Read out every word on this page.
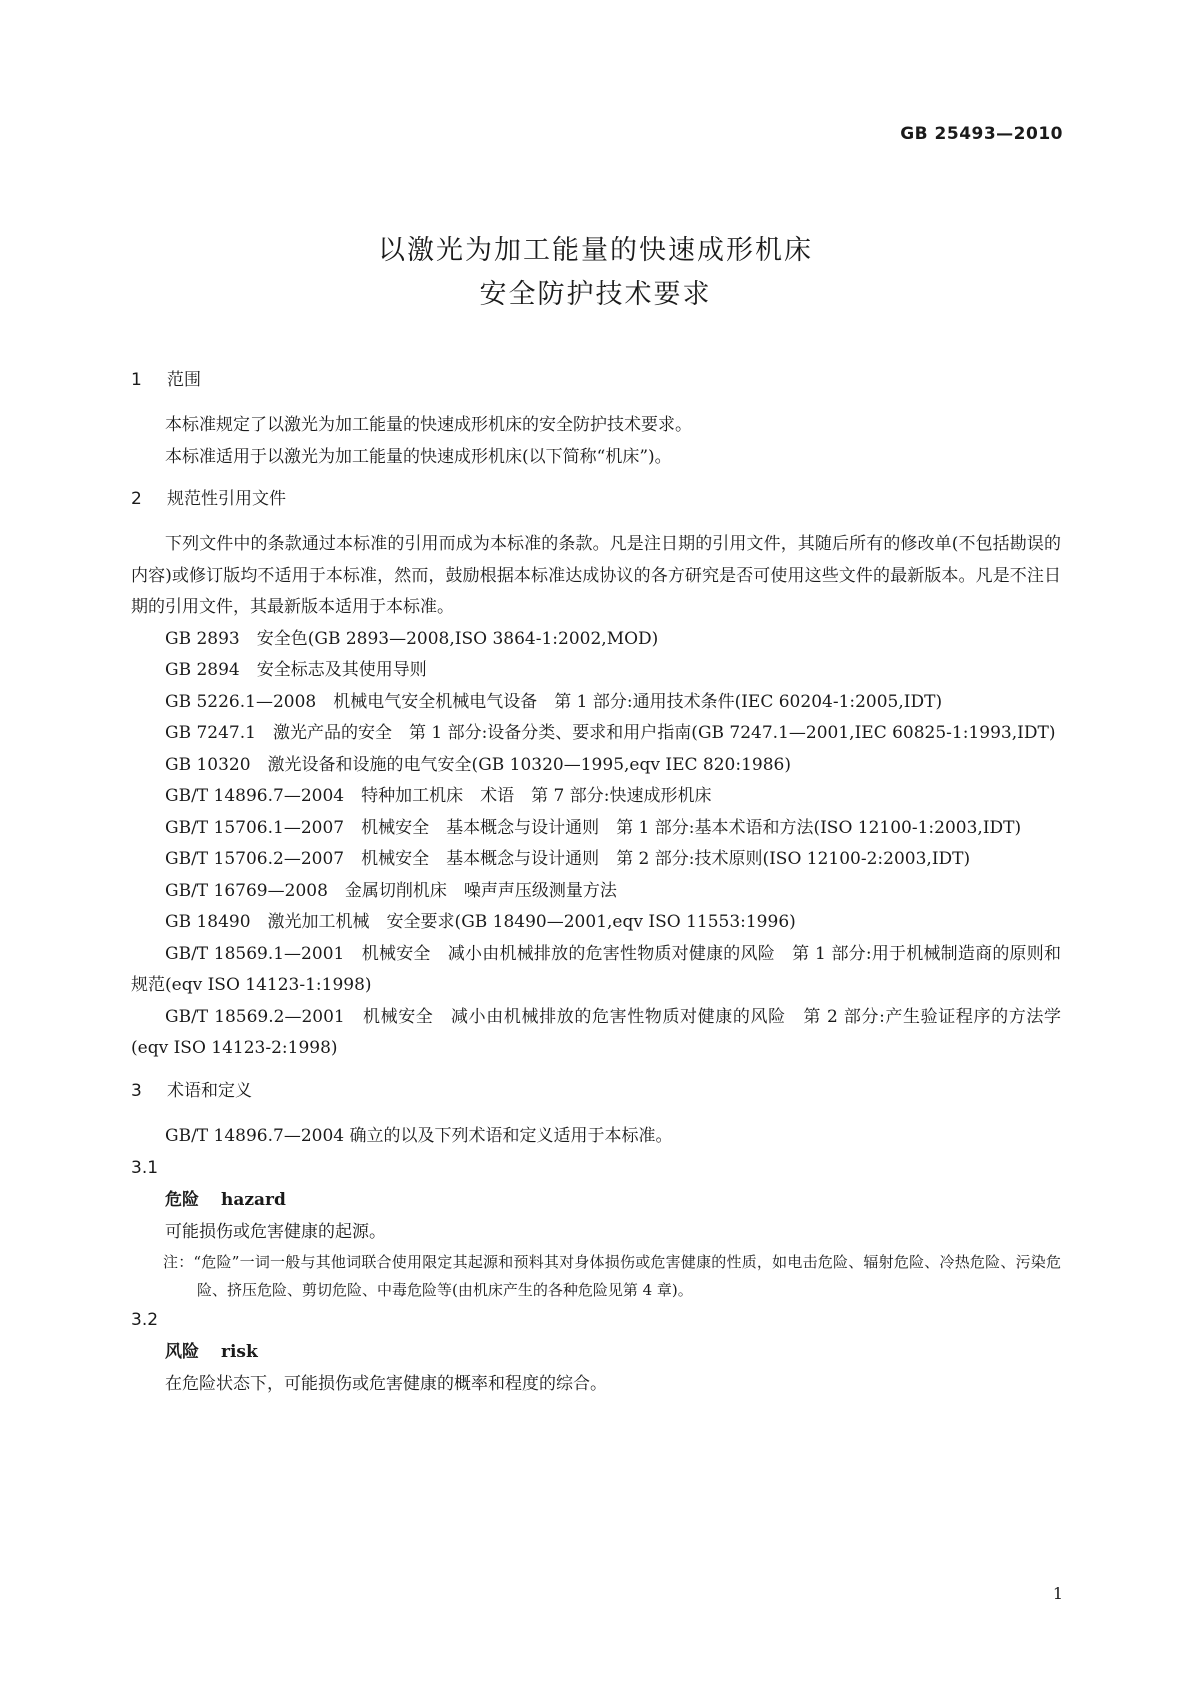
GB 25493—2010
以激光为加工能量的快速成形机床
安全防护技术要求

1 范围

本标准规定了以激光为加工能量的快速成形机床的安全防护技术要求。

本标准适用于以激光为加工能量的快速成形机床(以下简称“机床”)。

2 规范性引用文件

下列文件中的条款通过本标准的引用而成为本标准的条款。凡是注日期的引用文件，其随后所有的修改单(不包括勘误的内容)或修订版均不适用于本标准，然而，鼓励根据本标准达成协议的各方研究是否可使用这些文件的最新版本。凡是不注日期的引用文件，其最新版本适用于本标准。

GB 2893　安全色(GB 2893—2008,ISO 3864-1:2002,MOD)

GB 2894　安全标志及其使用导则

GB 5226.1—2008　机械电气安全机械电气设备　第 1 部分:通用技术条件(IEC 60204-1:2005,IDT)

GB 7247.1　激光产品的安全　第 1 部分:设备分类、要求和用户指南(GB 7247.1—2001,IEC 60825-1:1993,IDT)

GB 10320　激光设备和设施的电气安全(GB 10320—1995,eqv IEC 820:1986)

GB/T 14896.7—2004　特种加工机床　术语　第 7 部分:快速成形机床

GB/T 15706.1—2007　机械安全　基本概念与设计通则　第 1 部分:基本术语和方法(ISO 12100-1:2003,IDT)

GB/T 15706.2—2007　机械安全　基本概念与设计通则　第 2 部分:技术原则(ISO 12100-2:2003,IDT)

GB/T 16769—2008　金属切削机床　噪声声压级测量方法

GB 18490　激光加工机械　安全要求(GB 18490—2001,eqv ISO 11553:1996)

GB/T 18569.1—2001　机械安全　减小由机械排放的危害性物质对健康的风险　第 1 部分:用于机械制造商的原则和规范(eqv ISO 14123-1:1998)

GB/T 18569.2—2001　机械安全　减小由机械排放的危害性物质对健康的风险　第 2 部分:产生验证程序的方法学(eqv ISO 14123-2:1998)

3 术语和定义

GB/T 14896.7—2004 确立的以及下列术语和定义适用于本标准。

3.1

危险 hazard

可能损伤或危害健康的起源。

注：“危险”一词一般与其他词联合使用限定其起源和预料其对身体损伤或危害健康的性质，如电击危险、辐射危险、冷热危险、污染危险、挤压危险、剪切危险、中毒危险等(由机床产生的各种危险见第 4 章)。

3.2

风险 risk

在危险状态下，可能损伤或危害健康的概率和程度的综合。

1
